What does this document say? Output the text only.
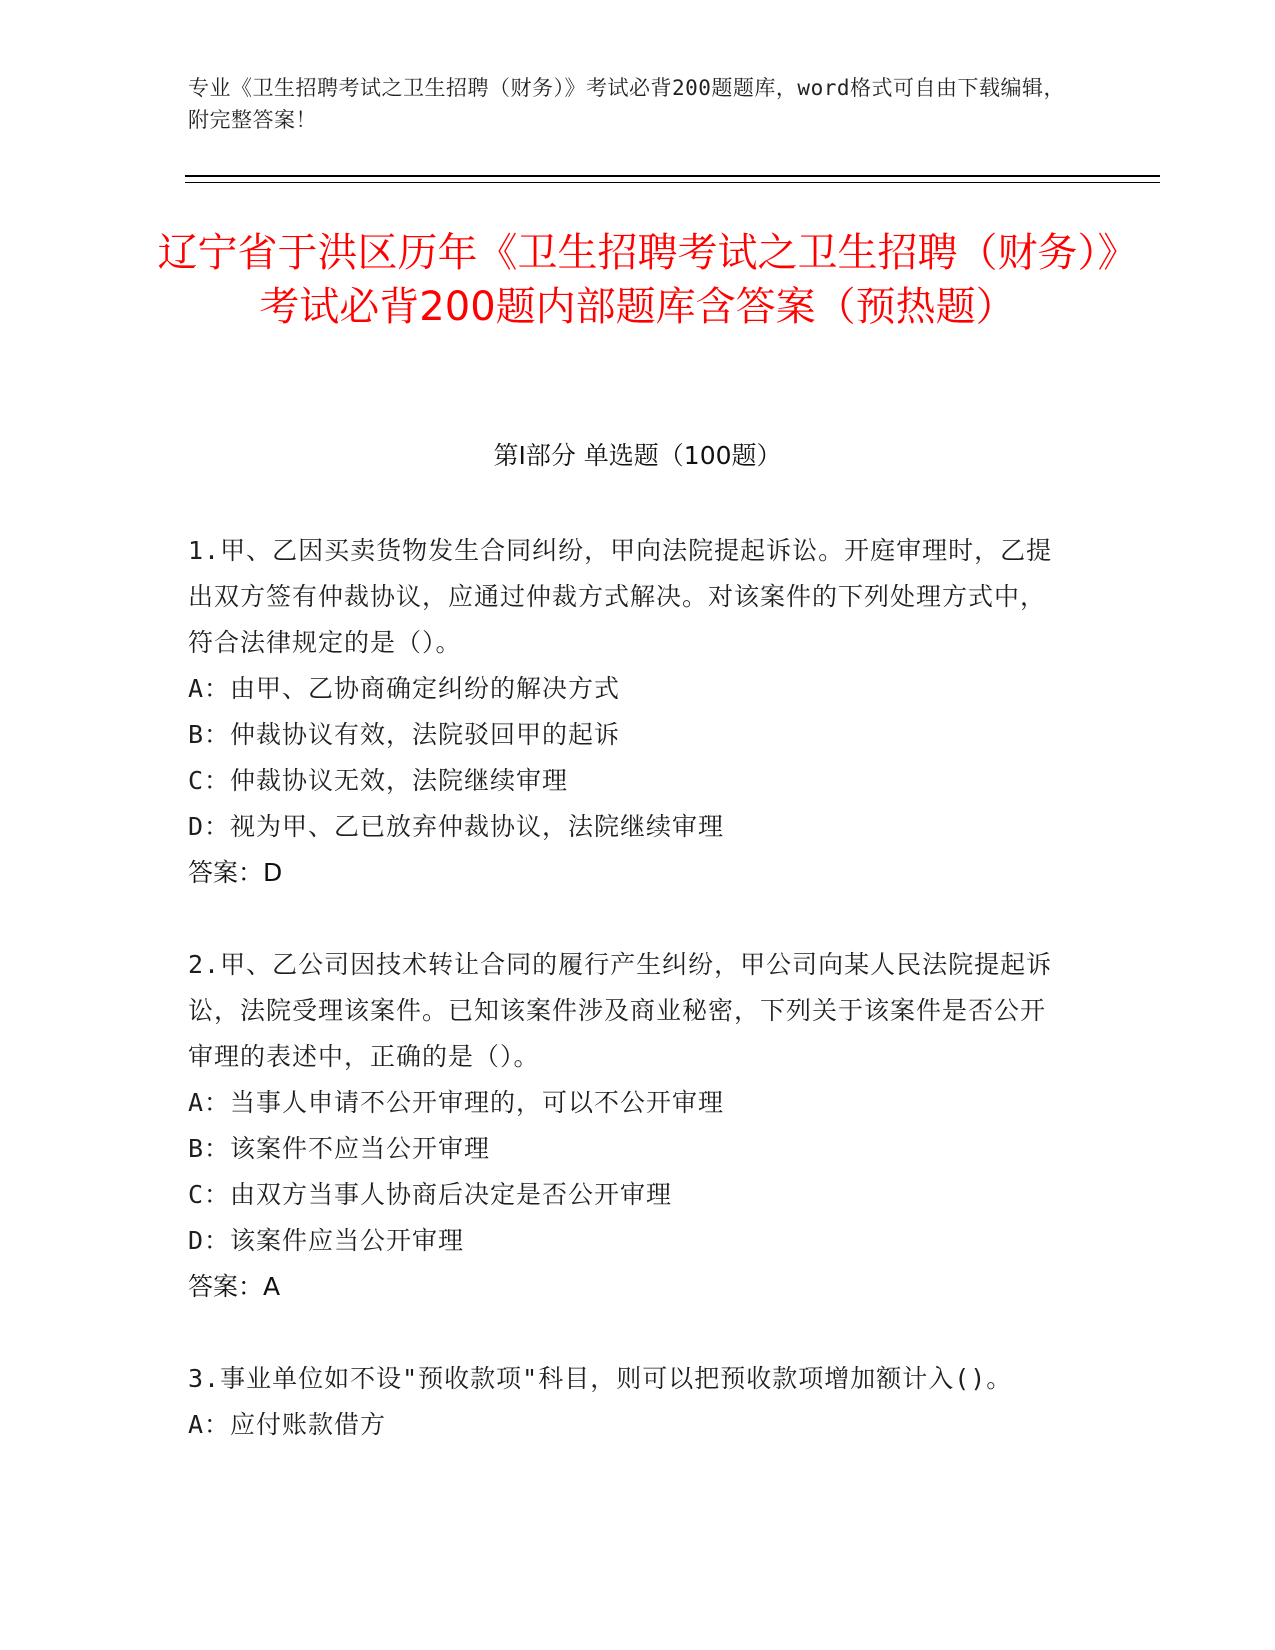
专业《卫生招聘考试之卫生招聘（财务）》考试必背200题题库，word格式可自由下载编辑，附完整答案！
辽宁省于洪区历年《卫生招聘考试之卫生招聘（财务）》考试必背200题内部题库含答案（预热题）
第Ⅰ部分 单选题（100题）
1.甲、乙因买卖货物发生合同纠纷，甲向法院提起诉讼。开庭审理时，乙提出双方签有仲裁协议，应通过仲裁方式解决。对该案件的下列处理方式中，符合法律规定的是（）。
A：由甲、乙协商确定纠纷的解决方式
B：仲裁协议有效，法院驳回甲的起诉
C：仲裁协议无效，法院继续审理
D：视为甲、乙已放弃仲裁协议，法院继续审理
答案：D
2.甲、乙公司因技术转让合同的履行产生纠纷，甲公司向某人民法院提起诉讼，法院受理该案件。已知该案件涉及商业秘密，下列关于该案件是否公开审理的表述中，正确的是（）。
A：当事人申请不公开审理的，可以不公开审理
B：该案件不应当公开审理
C：由双方当事人协商后决定是否公开审理
D：该案件应当公开审理
答案：A
3.事业单位如不设"预收款项"科目，则可以把预收款项增加额计入()。
A：应付账款借方
